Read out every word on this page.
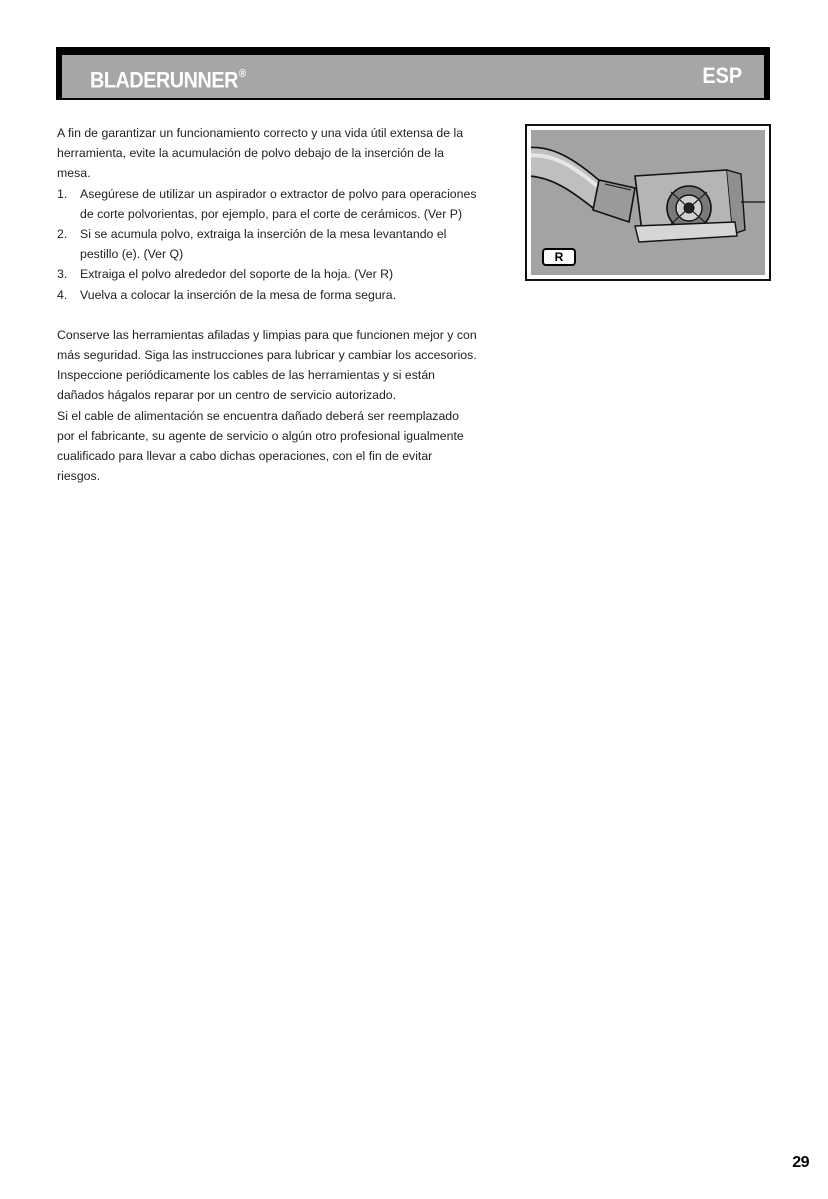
BLADERUNNER®	ESP

A fin de garantizar un funcionamiento correcto y una vida útil extensa de la herramienta, evite la acumulación de polvo debajo de la inserción de la mesa.

1. Asegúrese de utilizar un aspirador o extractor de polvo para operaciones de corte polvorientas, por ejemplo, para el corte de cerámicos. (Ver P)
2. Si se acumula polvo, extraiga la inserción de la mesa levantando el pestillo (e). (Ver Q)
3. Extraiga el polvo alrededor del soporte de la hoja. (Ver R)
4. Vuelva a colocar la inserción de la mesa de forma segura.

Conserve las herramientas afiladas y limpias para que funcionen mejor y con más seguridad. Siga las instrucciones para lubricar y cambiar los accesorios. Inspeccione periódicamente los cables de las herramientas y si están dañados hágalos reparar por un centro de servicio autorizado.

Si el cable de alimentación se encuentra dañado deberá ser reemplazado por el fabricante, su agente de servicio o algún otro profesional igualmente cualificado para llevar a cabo dichas operaciones, con el fin de evitar riesgos.

R
29
